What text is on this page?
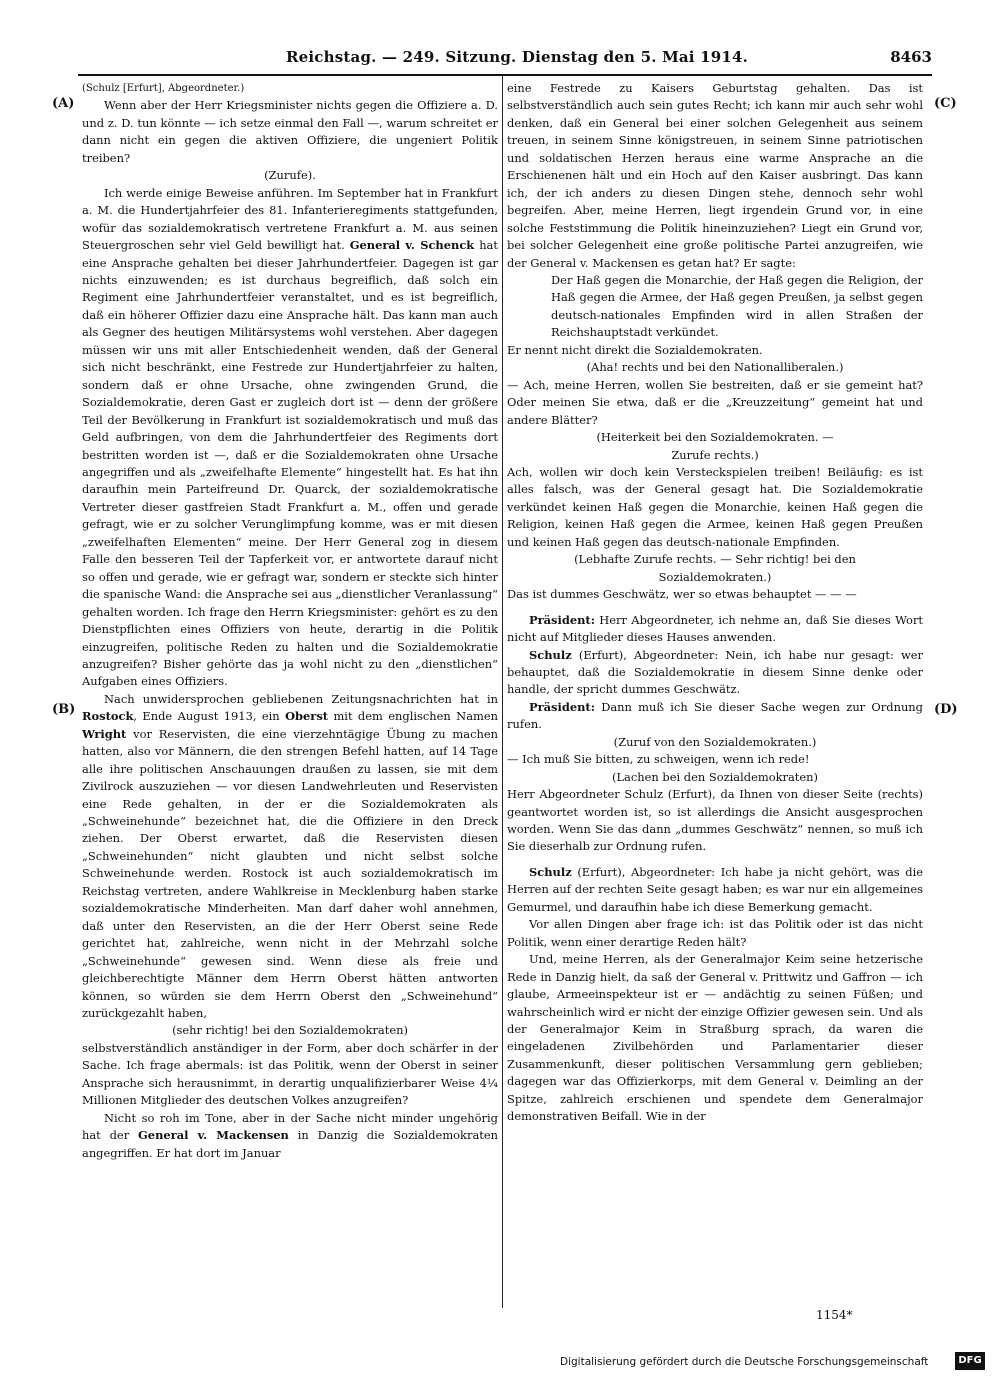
Reichstag. — 249. Sitzung. Dienstag den 5. Mai 1914.	8463
(A)
(B)
(C)
(D)

(Schulz [Erfurt], Abgeordneter.)

Wenn aber der Herr Kriegsminister nichts gegen die Offiziere a. D. und z. D. tun könnte — ich setze einmal den Fall —, warum schreitet er dann nicht ein gegen die aktiven Offiziere, die ungeniert Politik treiben?

(Zurufe).

Ich werde einige Beweise anführen. Im September hat in Frankfurt a. M. die Hundertjahrfeier des 81. Infanterieregiments stattgefunden, wofür das sozialdemokratisch vertretene Frankfurt a. M. aus seinen Steuergroschen sehr viel Geld bewilligt hat. General v. Schenck hat eine Ansprache gehalten bei dieser Jahrhundertfeier. Dagegen ist gar nichts einzuwenden; es ist durchaus begreiflich, daß solch ein Regiment eine Jahrhundertfeier veranstaltet, und es ist begreiflich, daß ein höherer Offizier dazu eine Ansprache hält. Das kann man auch als Gegner des heutigen Militärsystems wohl verstehen. Aber dagegen müssen wir uns mit aller Entschiedenheit wenden, daß der General sich nicht beschränkt, eine Festrede zur Hundertjahrfeier zu halten, sondern daß er ohne Ursache, ohne zwingenden Grund, die Sozialdemokratie, deren Gast er zugleich dort ist — denn der größere Teil der Bevölkerung in Frankfurt ist sozialdemokratisch und muß das Geld aufbringen, von dem die Jahrhundertfeier des Regiments dort bestritten worden ist —, daß er die Sozialdemokraten ohne Ursache angegriffen und als „zweifelhafte Elemente“ hingestellt hat. Es hat ihn daraufhin mein Parteifreund Dr. Quarck, der sozialdemokratische Vertreter dieser gastfreien Stadt Frankfurt a. M., offen und gerade gefragt, wie er zu solcher Verunglimpfung komme, was er mit diesen „zweifelhaften Elementen“ meine. Der Herr General zog in diesem Falle den besseren Teil der Tapferkeit vor, er antwortete darauf nicht so offen und gerade, wie er gefragt war, sondern er steckte sich hinter die spanische Wand: die Ansprache sei aus „dienstlicher Veranlassung“ gehalten worden. Ich frage den Herrn Kriegsminister: gehört es zu den Dienstpflichten eines Offiziers von heute, derartig in die Politik einzugreifen, politische Reden zu halten und die Sozialdemokratie anzugreifen? Bisher gehörte das ja wohl nicht zu den „dienstlichen“ Aufgaben eines Offiziers.

Nach unwidersprochen gebliebenen Zeitungsnachrichten hat in Rostock, Ende August 1913, ein Oberst mit dem englischen Namen Wright vor Reservisten, die eine vierzehntägige Übung zu machen hatten, also vor Männern, die den strengen Befehl hatten, auf 14 Tage alle ihre politischen Anschauungen draußen zu lassen, sie mit dem Zivilrock auszuziehen — vor diesen Landwehrleuten und Reservisten eine Rede gehalten, in der er die Sozialdemokraten als „Schweinehunde“ bezeichnet hat, die die Offiziere in den Dreck ziehen. Der Oberst erwartet, daß die Reservisten diesen „Schweinehunden“ nicht glaubten und nicht selbst solche Schweinehunde werden. Rostock ist auch sozialdemokratisch im Reichstag vertreten, andere Wahlkreise in Mecklenburg haben starke sozialdemokratische Minderheiten. Man darf daher wohl annehmen, daß unter den Reservisten, an die der Herr Oberst seine Rede gerichtet hat, zahlreiche, wenn nicht in der Mehrzahl solche „Schweinehunde“ gewesen sind. Wenn diese als freie und gleichberechtigte Männer dem Herrn Oberst hätten antworten können, so würden sie dem Herrn Oberst den „Schweinehund“ zurückgezahlt haben,

(sehr richtig! bei den Sozialdemokraten)

selbstverständlich anständiger in der Form, aber doch schärfer in der Sache. Ich frage abermals: ist das Politik, wenn der Oberst in seiner Ansprache sich herausnimmt, in derartig unqualifizierbarer Weise 4¼ Millionen Mitglieder des deutschen Volkes anzugreifen?

Nicht so roh im Tone, aber in der Sache nicht minder ungehörig hat der General v. Mackensen in Danzig die Sozialdemokraten angegriffen. Er hat dort im Januar

eine Festrede zu Kaisers Geburtstag gehalten. Das ist selbstverständlich auch sein gutes Recht; ich kann mir auch sehr wohl denken, daß ein General bei einer solchen Gelegenheit aus seinem treuen, in seinem Sinne königstreuen, in seinem Sinne patriotischen und soldatischen Herzen heraus eine warme Ansprache an die Erschienenen hält und ein Hoch auf den Kaiser ausbringt. Das kann ich, der ich anders zu diesen Dingen stehe, dennoch sehr wohl begreifen. Aber, meine Herren, liegt irgendein Grund vor, in eine solche Feststimmung die Politik hineinzuziehen? Liegt ein Grund vor, bei solcher Gelegenheit eine große politische Partei anzugreifen, wie der General v. Mackensen es getan hat? Er sagte:

Der Haß gegen die Monarchie, der Haß gegen die Religion, der Haß gegen die Armee, der Haß gegen Preußen, ja selbst gegen deutsch-nationales Empfinden wird in allen Straßen der Reichshauptstadt verkündet.

Er nennt nicht direkt die Sozialdemokraten.

(Aha! rechts und bei den Nationalliberalen.)

— Ach, meine Herren, wollen Sie bestreiten, daß er sie gemeint hat? Oder meinen Sie etwa, daß er die „Kreuzzeitung“ gemeint hat und andere Blätter?

(Heiterkeit bei den Sozialdemokraten. —

Zurufe rechts.)

Ach, wollen wir doch kein Versteckspielen treiben! Beiläufig: es ist alles falsch, was der General gesagt hat. Die Sozialdemokratie verkündet keinen Haß gegen die Monarchie, keinen Haß gegen die Religion, keinen Haß gegen die Armee, keinen Haß gegen Preußen und keinen Haß gegen das deutsch-nationale Empfinden.

(Lebhafte Zurufe rechts. — Sehr richtig! bei den

Sozialdemokraten.)

Das ist dummes Geschwätz, wer so etwas behauptet — — —

Präsident: Herr Abgeordneter, ich nehme an, daß Sie dieses Wort nicht auf Mitglieder dieses Hauses anwenden.

Schulz (Erfurt), Abgeordneter: Nein, ich habe nur gesagt: wer behauptet, daß die Sozialdemokratie in diesem Sinne denke oder handle, der spricht dummes Geschwätz.

Präsident: Dann muß ich Sie dieser Sache wegen zur Ordnung rufen.

(Zuruf von den Sozialdemokraten.)

— Ich muß Sie bitten, zu schweigen, wenn ich rede!

(Lachen bei den Sozialdemokraten)

Herr Abgeordneter Schulz (Erfurt), da Ihnen von dieser Seite (rechts) geantwortet worden ist, so ist allerdings die Ansicht ausgesprochen worden. Wenn Sie das dann „dummes Geschwätz“ nennen, so muß ich Sie dieserhalb zur Ordnung rufen.

Schulz (Erfurt), Abgeordneter: Ich habe ja nicht gehört, was die Herren auf der rechten Seite gesagt haben; es war nur ein allgemeines Gemurmel, und daraufhin habe ich diese Bemerkung gemacht.

Vor allen Dingen aber frage ich: ist das Politik oder ist das nicht Politik, wenn einer derartige Reden hält?

Und, meine Herren, als der Generalmajor Keim seine hetzerische Rede in Danzig hielt, da saß der General v. Prittwitz und Gaffron — ich glaube, Armeeinspekteur ist er — andächtig zu seinen Füßen; und wahrscheinlich wird er nicht der einzige Offizier gewesen sein. Und als der Generalmajor Keim in Straßburg sprach, da waren die eingeladenen Zivilbehörden und Parlamentarier dieser Zusammenkunft, dieser politischen Versammlung gern geblieben; dagegen war das Offizierkorps, mit dem General v. Deimling an der Spitze, zahlreich erschienen und spendete dem Generalmajor demonstrativen Beifall. Wie in der

1154*
Digitalisierung gefördert durch die Deutsche Forschungsgemeinschaft	DFG
